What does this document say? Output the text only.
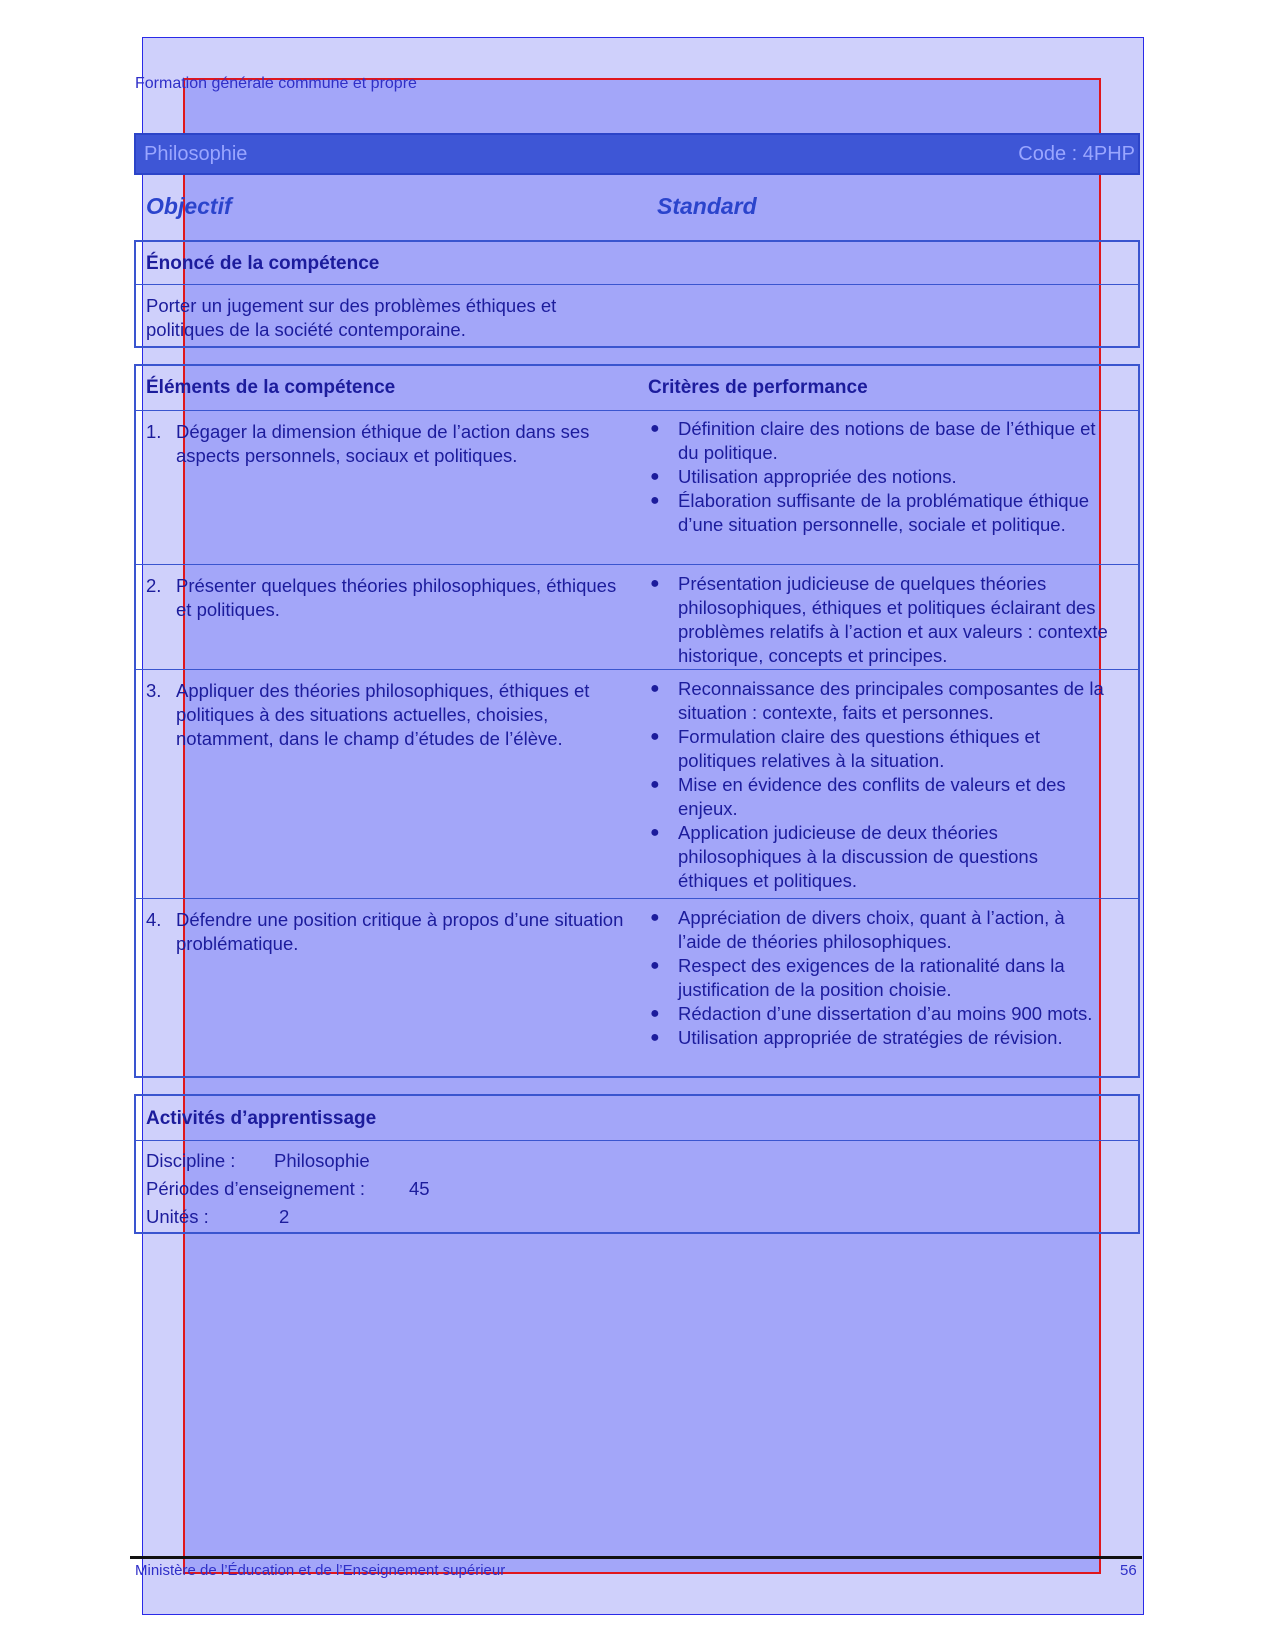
Formation générale commune et propre
Philosophie	Code : 4PHP
Objectif	Standard
Énoncé de la compétence
Porter un jugement sur des problèmes éthiques et politiques de la société contemporaine.
Éléments de la compétence	Critères de performance
1. Dégager la dimension éthique de l’action dans ses aspects personnels, sociaux et politiques.
● Définition claire des notions de base de l’éthique et du politique.
● Utilisation appropriée des notions.
● Élaboration suffisante de la problématique éthique d’une situation personnelle, sociale et politique.
2. Présenter quelques théories philosophiques, éthiques et politiques.
● Présentation judicieuse de quelques théories philosophiques, éthiques et politiques éclairant des problèmes relatifs à l’action et aux valeurs : contexte historique, concepts et principes.
3. Appliquer des théories philosophiques, éthiques et politiques à des situations actuelles, choisies, notamment, dans le champ d’études de l’élève.
● Reconnaissance des principales composantes de la situation : contexte, faits et personnes.
● Formulation claire des questions éthiques et politiques relatives à la situation.
● Mise en évidence des conflits de valeurs et des enjeux.
● Application judicieuse de deux théories philosophiques à la discussion de questions éthiques et politiques.
4. Défendre une position critique à propos d’une situation problématique.
● Appréciation de divers choix, quant à l’action, à l’aide de théories philosophiques.
● Respect des exigences de la rationalité dans la justification de la position choisie.
● Rédaction d’une dissertation d’au moins 900 mots.
● Utilisation appropriée de stratégies de révision.
Activités d’apprentissage
Discipline : Philosophie
Périodes d’enseignement : 45
Unités :	2
Ministère de l’Éducation et de l’Enseignement supérieur	56
